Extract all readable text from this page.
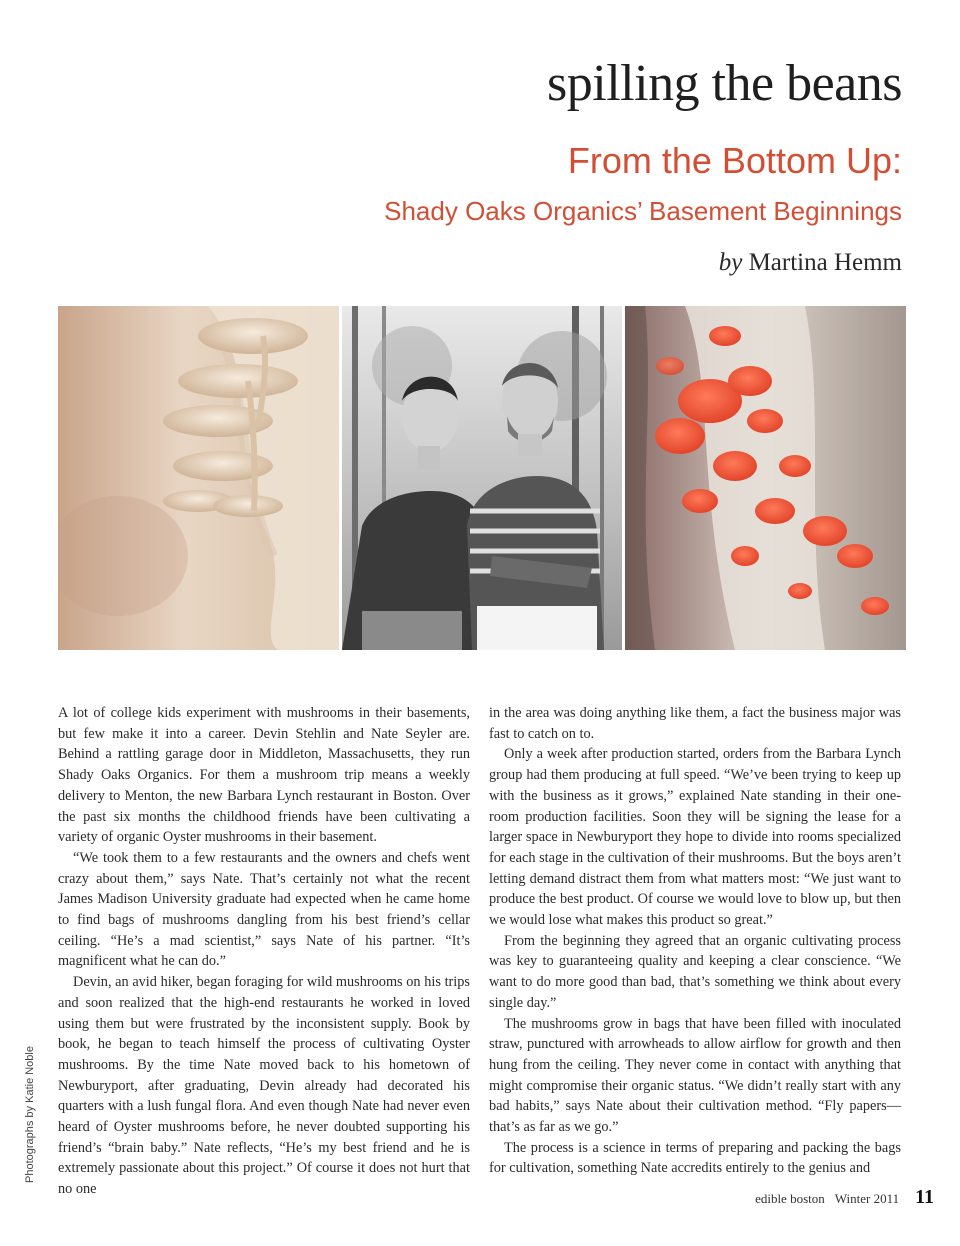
spilling the beans
From the Bottom Up:
Shady Oaks Organics’ Basement Beginnings
by Martina Hemm
Photographs by Katie Noble

A lot of college kids experiment with mushrooms in their basements, but few make it into a career. Devin Stehlin and Nate Seyler are. Behind a rattling garage door in Middleton, Massachusetts, they run Shady Oaks Organics. For them a mushroom trip means a weekly delivery to Menton, the new Barbara Lynch restaurant in Boston. Over the past six months the childhood friends have been cultivating a variety of organic Oyster mushrooms in their basement.

“We took them to a few restaurants and the owners and chefs went crazy about them,” says Nate. That’s certainly not what the recent James Madison University graduate had expected when he came home to find bags of mushrooms dangling from his best friend’s cellar ceiling. “He’s a mad scientist,” says Nate of his partner. “It’s magnificent what he can do.”

Devin, an avid hiker, began foraging for wild mushrooms on his trips and soon realized that the high-end restaurants he worked in loved using them but were frustrated by the inconsistent supply. Book by book, he began to teach himself the process of cultivating Oyster mushrooms. By the time Nate moved back to his hometown of Newburyport, after graduating, Devin already had decorated his quarters with a lush fungal flora. And even though Nate had never even heard of Oyster mushrooms before, he never doubted supporting his friend’s “brain baby.” Nate reflects, “He’s my best friend and he is extremely passionate about this project.” Of course it does not hurt that no one

in the area was doing anything like them, a fact the business major was fast to catch on to.

Only a week after production started, orders from the Barbara Lynch group had them producing at full speed. “We’ve been trying to keep up with the business as it grows,” explained Nate standing in their one-room production facilities. Soon they will be signing the lease for a larger space in Newburyport they hope to divide into rooms specialized for each stage in the cultivation of their mushrooms. But the boys aren’t letting demand distract them from what matters most: “We just want to produce the best product. Of course we would love to blow up, but then we would lose what makes this product so great.”

From the beginning they agreed that an organic cultivating process was key to guaranteeing quality and keeping a clear conscience. “We want to do more good than bad, that’s something we think about every single day.”

The mushrooms grow in bags that have been filled with inoculated straw, punctured with arrowheads to allow airflow for growth and then hung from the ceiling. They never come in contact with anything that might compromise their organic status. “We didn’t really start with any bad habits,” says Nate about their cultivation method. “Fly papers—that’s as far as we go.”

The process is a science in terms of preparing and packing the bags for cultivation, something Nate accredits entirely to the genius and

edible boston Winter 2011 11
